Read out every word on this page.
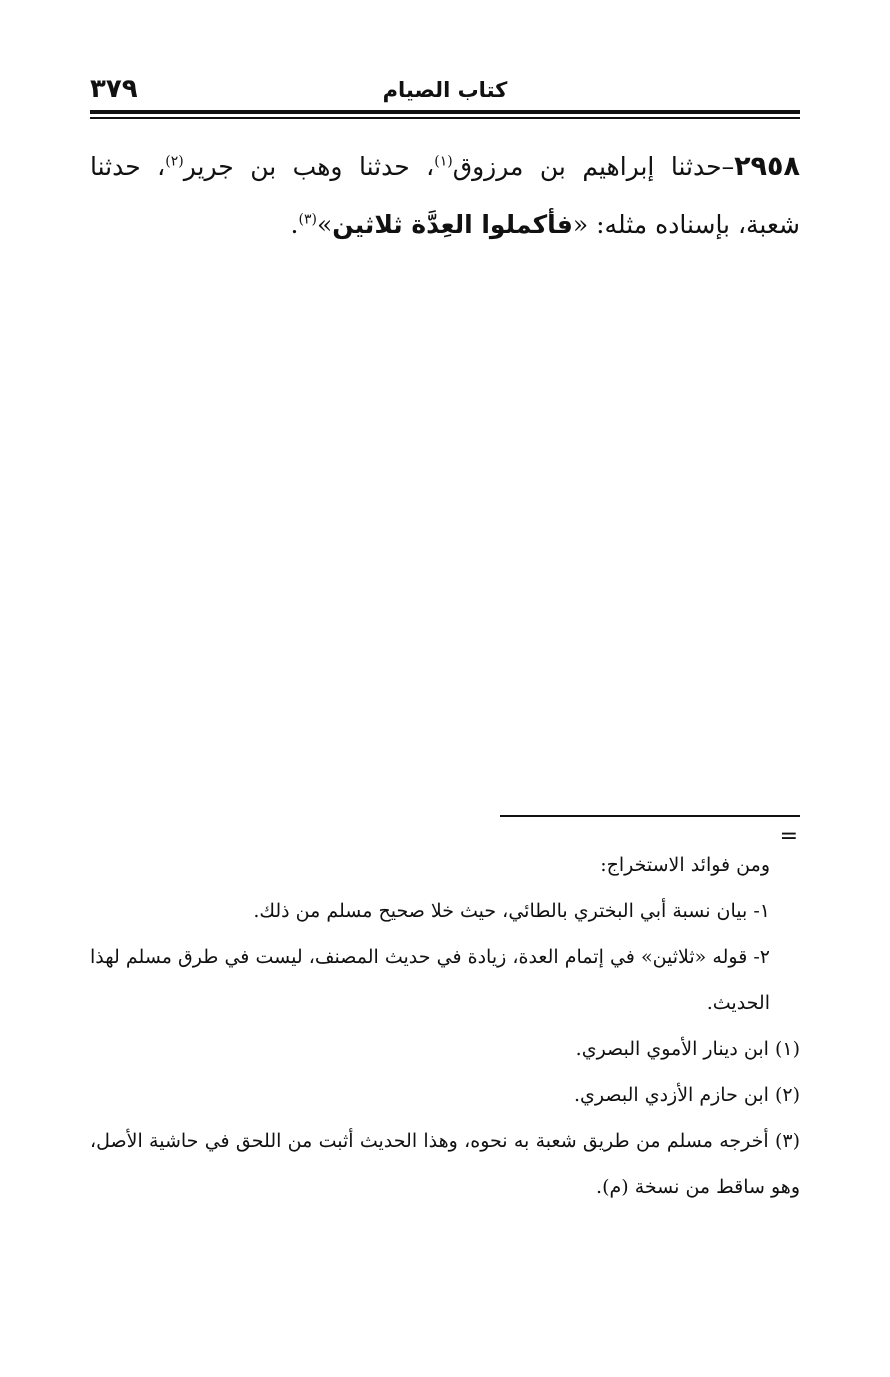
٣٧٩	كتاب الصيام
٢٩٥٨–حدثنا إبراهيم بن مرزوق$^{(١)}$، حدثنا وهب بن جرير$^{(٢)}$، حدثنا شعبة، بإسناده مثله: «فأكملوا العِدَّة ثلاثين»$^{(٣)}$.
=

ومن فوائد الاستخراج:

١- بيان نسبة أبي البختري بالطائي، حيث خلا صحيح مسلم من ذلك.

٢- قوله «ثلاثين» في إتمام العدة، زيادة في حديث المصنف، ليست في طرق مسلم لهذا الحديث.

(١) ابن دينار الأموي البصري.

(٢) ابن حازم الأزدي البصري.

(٣) أخرجه مسلم من طريق شعبة به نحوه، وهذا الحديث أثبت من اللحق في حاشية الأصل، وهو ساقط من نسخة (م).
